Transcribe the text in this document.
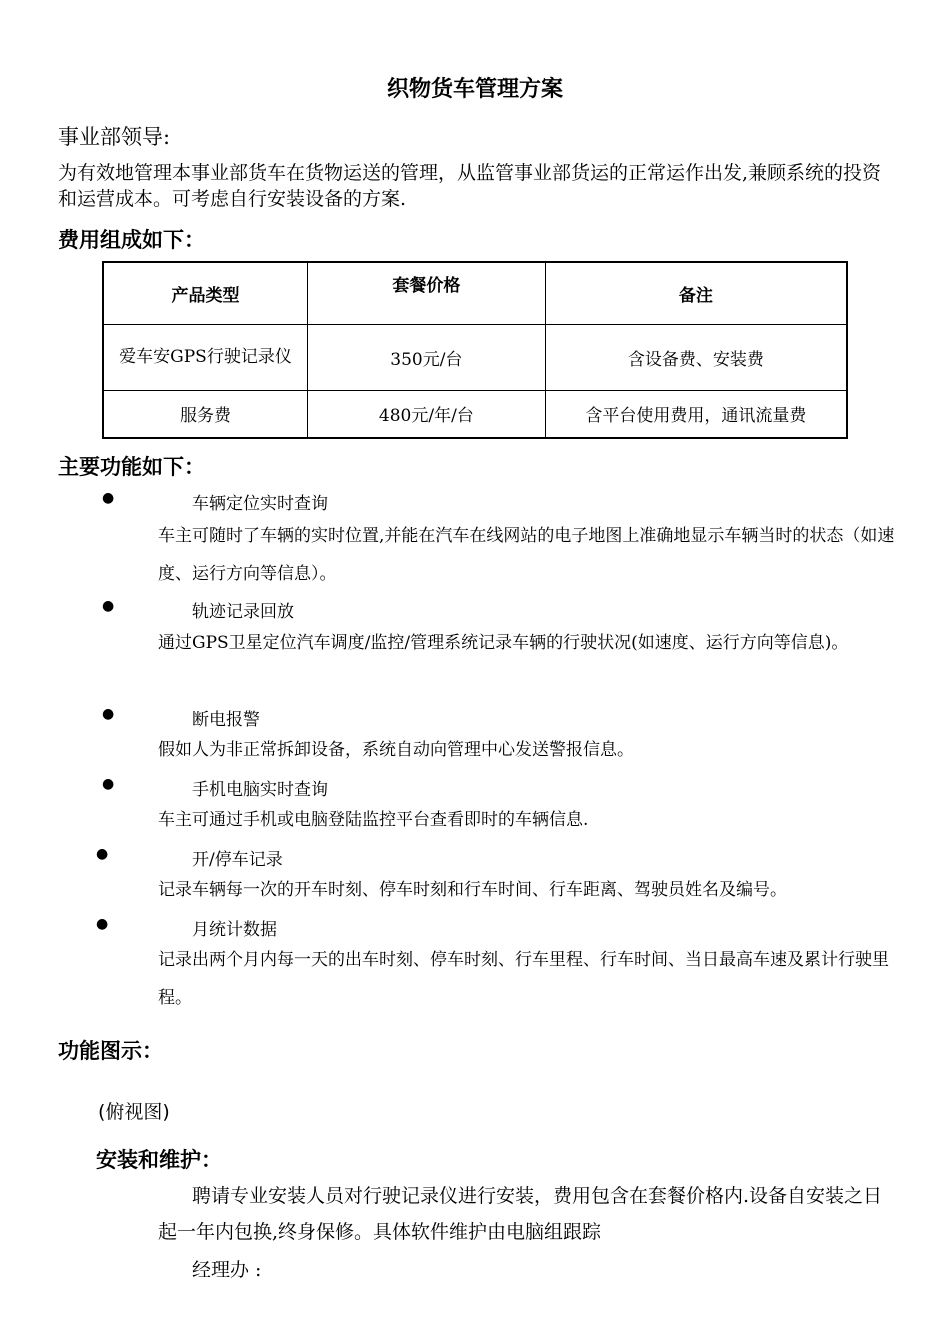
织物货车管理方案
事业部领导:
为有效地管理本事业部货车在货物运送的管理，从监管事业部货运的正常运作出发,兼顾系统的投资和运营成本。可考虑自行安装设备的方案.
费用组成如下：
产品类型	套餐价格	备注
爱车安GPS行驶记录仪	350元/台	含设备费、安装费
服务费	480元/年/台	含平台使用费用，通讯流量费
主要功能如下：
●	车辆定位实时查询
车主可随时了车辆的实时位置,并能在汽车在线网站的电子地图上准确地显示车辆当时的状态（如速度、运行方向等信息）。
●	轨迹记录回放
通过GPS卫星定位汽车调度/监控/管理系统记录车辆的行驶状况(如速度、运行方向等信息)。
●	断电报警
假如人为非正常拆卸设备，系统自动向管理中心发送警报信息。
●	手机电脑实时查询
车主可通过手机或电脑登陆监控平台查看即时的车辆信息.
●	开/停车记录
记录车辆每一次的开车时刻、停车时刻和行车时间、行车距离、驾驶员姓名及编号。
●	月统计数据
记录出两个月内每一天的出车时刻、停车时刻、行车里程、行车时间、当日最高车速及累计行驶里程。
功能图示：
(俯视图)
安装和维护：
聘请专业安装人员对行驶记录仪进行安装，费用包含在套餐价格内.设备自安装之日起一年内包换,终身保修。具体软件维护由电脑组跟踪
经理办 :
